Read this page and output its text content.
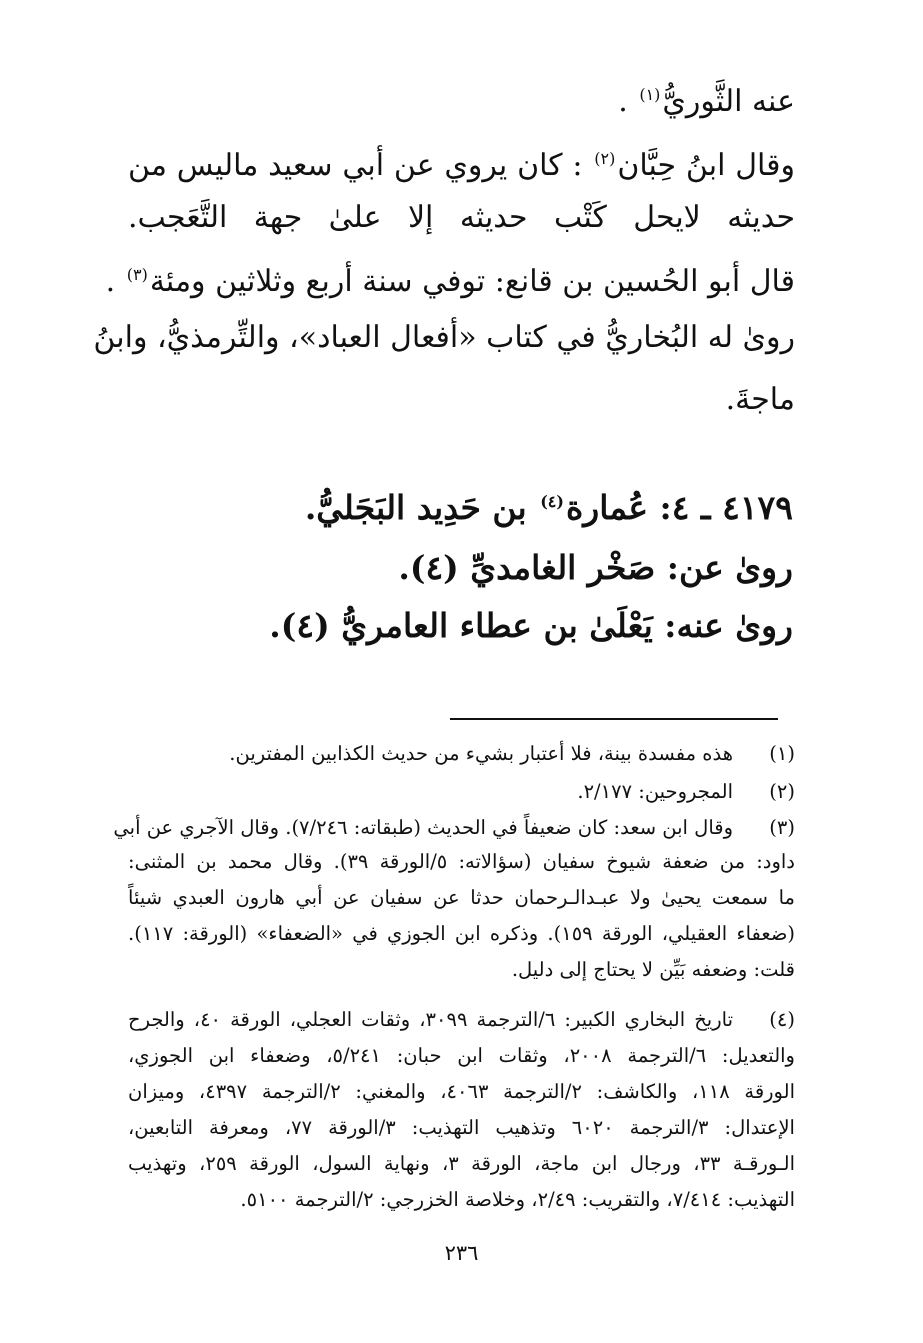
عنه الثَّوريُّ$^{(١)}$ .

وقال ابنُ حِبَّان$^{(٢)}$ : كان يروي عن أبي سعيد ماليس من

حديثه لايحل كَتْب حديثه إلا علىٰ جهة التَّعَجب.

قال أبو الحُسين بن قانع: توفي سنة أربع وثلاثين ومئة$^{(٣)}$ .

روىٰ له البُخاريُّ في كتاب «أفعال العباد»، والتِّرمذيُّ، وابنُ

ماجةَ.

٤١٧٩ ـ ٤: عُمارة$^{(٤)}$ بن حَدِيد البَجَليُّ.

روىٰ عن: صَخْر الغامديِّ (٤).

روىٰ عنه: يَعْلَىٰ بن عطاء العامريُّ (٤).

(١)

هذه مفسدة بينة، فلا أعتبار بشيء من حديث الكذابين المفترين.

(٢)

المجروحين: ٢/١٧٧.

(٣)

وقال ابن سعد: كان ضعيفاً في الحديث (طبقاته: ٧/٢٤٦). وقال الآجري عن أبي

داود: من ضعفة شيوخ سفيان (سؤالاته: ٥/الورقة ٣٩). وقال محمد بن المثنى:

ما سمعت يحيىٰ ولا عبـدالـرحمان حدثا عن سفيان عن أبي هارون العبدي شيئاً

(ضعفاء العقيلي، الورقة ١٥٩). وذكره ابن الجوزي في «الضعفاء» (الورقة: ١١٧).

قلت: وضعفه بَيِّن لا يحتاج إلى دليل.

(٤)

تاريخ البخاري الكبير: ٦/الترجمة ٣٠٩٩، وثقات العجلي، الورقة ٤٠، والجرح

والتعديل: ٦/الترجمة ٢٠٠٨، وثقات ابن حبان: ٥/٢٤١، وضعفاء ابن الجوزي،

الورقة ١١٨، والكاشف: ٢/الترجمة ٤٠٦٣، والمغني: ٢/الترجمة ٤٣٩٧، وميزان

الإعتدال: ٣/الترجمة ٦٠٢٠ وتذهيب التهذيب: ٣/الورقة ٧٧، ومعرفة التابعين،

الـورقـة ٣٣، ورجال ابن ماجة، الورقة ٣، ونهاية السول، الورقة ٢٥٩، وتهذيب

التهذيب: ٧/٤١٤، والتقريب: ٢/٤٩، وخلاصة الخزرجي: ٢/الترجمة ٥١٠٠.

٢٣٦
